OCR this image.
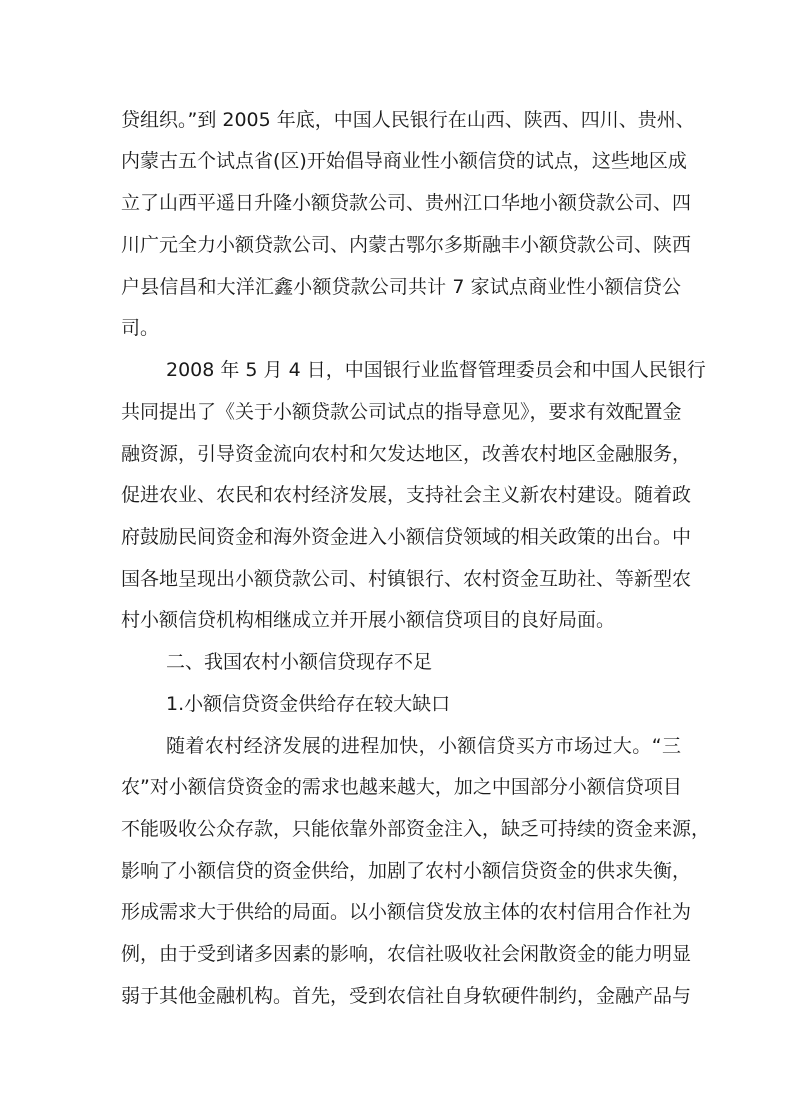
贷组织。”到 2005 年底，中国人民银行在山西、陕西、四川、贵州、
内蒙古五个试点省(区)开始倡导商业性小额信贷的试点，这些地区成
立了山西平遥日升隆小额贷款公司、贵州江口华地小额贷款公司、四
川广元全力小额贷款公司、内蒙古鄂尔多斯融丰小额贷款公司、陕西
户县信昌和大洋汇鑫小额贷款公司共计 7 家试点商业性小额信贷公
司。
2008 年 5 月 4 日，中国银行业监督管理委员会和中国人民银行
共同提出了《关于小额贷款公司试点的指导意见》，要求有效配置金
融资源，引导资金流向农村和欠发达地区，改善农村地区金融服务，
促进农业、农民和农村经济发展，支持社会主义新农村建设。随着政
府鼓励民间资金和海外资金进入小额信贷领域的相关政策的出台。中
国各地呈现出小额贷款公司、村镇银行、农村资金互助社、等新型农
村小额信贷机构相继成立并开展小额信贷项目的良好局面。
二、我国农村小额信贷现存不足
1.小额信贷资金供给存在较大缺口
随着农村经济发展的进程加快，小额信贷买方市场过大。“三
农”对小额信贷资金的需求也越来越大，加之中国部分小额信贷项目
不能吸收公众存款，只能依靠外部资金注入，缺乏可持续的资金来源，
影响了小额信贷的资金供给，加剧了农村小额信贷资金的供求失衡，
形成需求大于供给的局面。以小额信贷发放主体的农村信用合作社为
例，由于受到诸多因素的影响，农信社吸收社会闲散资金的能力明显
弱于其他金融机构。首先，受到农信社自身软硬件制约，金融产品与
